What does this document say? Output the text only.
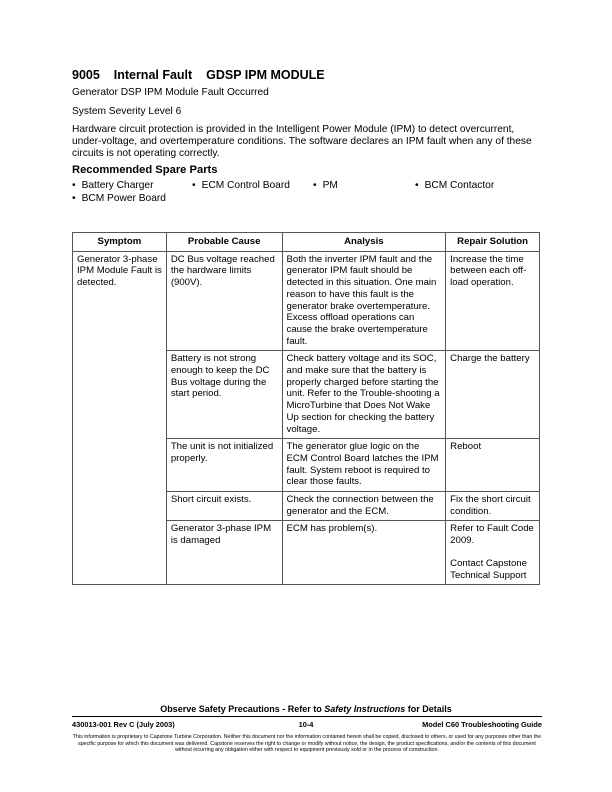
9005 Internal Fault GDSP IPM MODULE
Generator DSP IPM Module Fault Occurred
System Severity Level 6
Hardware circuit protection is provided in the Intelligent Power Module (IPM) to detect overcurrent, under-voltage, and overtemperature conditions. The software declares an IPM fault when any of these circuits is not operating correctly.
Recommended Spare Parts
• Battery Charger	• ECM Control Board	• PM	• BCM Contactor
• BCM Power Board
Symptom	Probable Cause	Analysis	Repair Solution
Generator 3-phase IPM Module Fault is detected.	DC Bus voltage reached the hardware limits (900V).	Both the inverter IPM fault and the generator IPM fault should be detected in this situation. One main reason to have this fault is the generator brake overtemperature. Excess offload operations can cause the brake overtemperature fault.	Increase the time between each off-load operation.
	Battery is not strong enough to keep the DC Bus voltage during the start period.	Check battery voltage and its SOC, and make sure that the battery is properly charged before starting the unit. Refer to the Trouble-shooting a MicroTurbine that Does Not Wake Up section for checking the battery voltage.	Charge the battery
	The unit is not initialized properly.	The generator glue logic on the ECM Control Board latches the IPM fault. System reboot is required to clear those faults.	Reboot
	Short circuit exists.	Check the connection between the generator and the ECM.	Fix the short circuit condition.
	Generator 3-phase IPM is damaged	ECM has problem(s).	Refer to Fault Code 2009.
Contact Capstone Technical Support
Observe Safety Precautions - Refer to Safety Instructions for Details
430013-001 Rev C (July 2003)	10-4	Model C60 Troubleshooting Guide
This information is proprietary to Capstone Turbine Corporation. Neither this document nor the information contained herein shall be copied, disclosed to others, or used for any purposes other than the specific purpose for which this document was delivered. Capstone reserves the right to change or modify without notice, the design, the product specifications, and/or the contents of this document without incurring any obligation either with respect to equipment previously sold or in the process of construction.
